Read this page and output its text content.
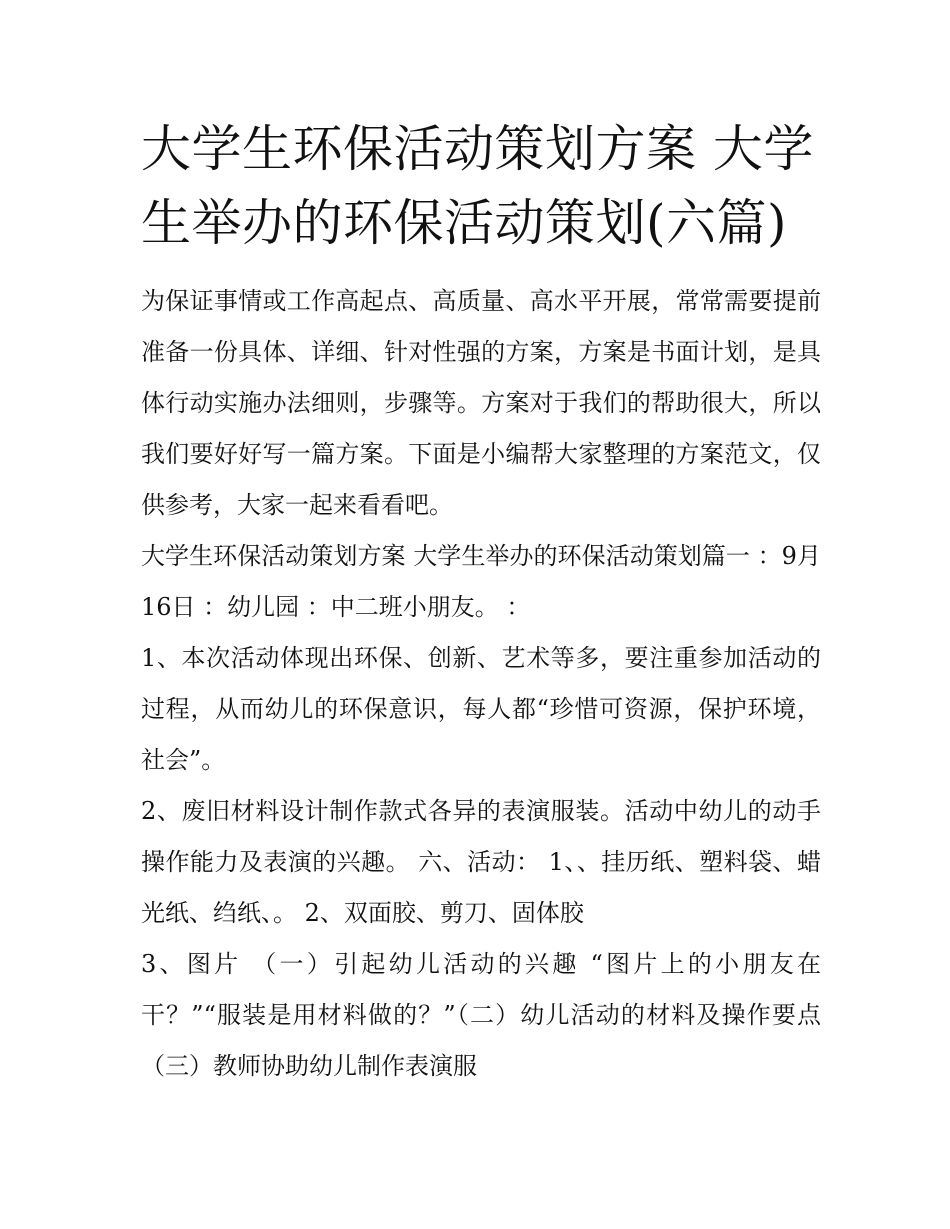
大学生环保活动策划方案 大学生举办的环保活动策划(六篇)

为保证事情或工作高起点、高质量、高水平开展，常常需要提前准备一份具体、详细、针对性强的方案，方案是书面计划，是具体行动实施办法细则，步骤等。方案对于我们的帮助很大，所以我们要好好写一篇方案。下面是小编帮大家整理的方案范文，仅供参考，大家一起来看看吧。

大学生环保活动策划方案 大学生举办的环保活动策划篇一 ：9月16日 ：幼儿园 ：中二班小朋友。 ：

1、本次活动体现出环保、创新、艺术等多，要注重参加活动的过程，从而幼儿的环保意识，每人都“珍惜可资源，保护环境，社会”。

2、废旧材料设计制作款式各异的表演服装。活动中幼儿的动手操作能力及表演的兴趣。 六、活动： 1、、挂历纸、塑料袋、蜡光纸、绉纸、。 2、双面胶、剪刀、固体胶

3、图片 （一）引起幼儿活动的兴趣 “图片上的小朋友在干？”“服装是用材料做的？”（二）幼儿活动的材料及操作要点 （三）教师协助幼儿制作表演服
